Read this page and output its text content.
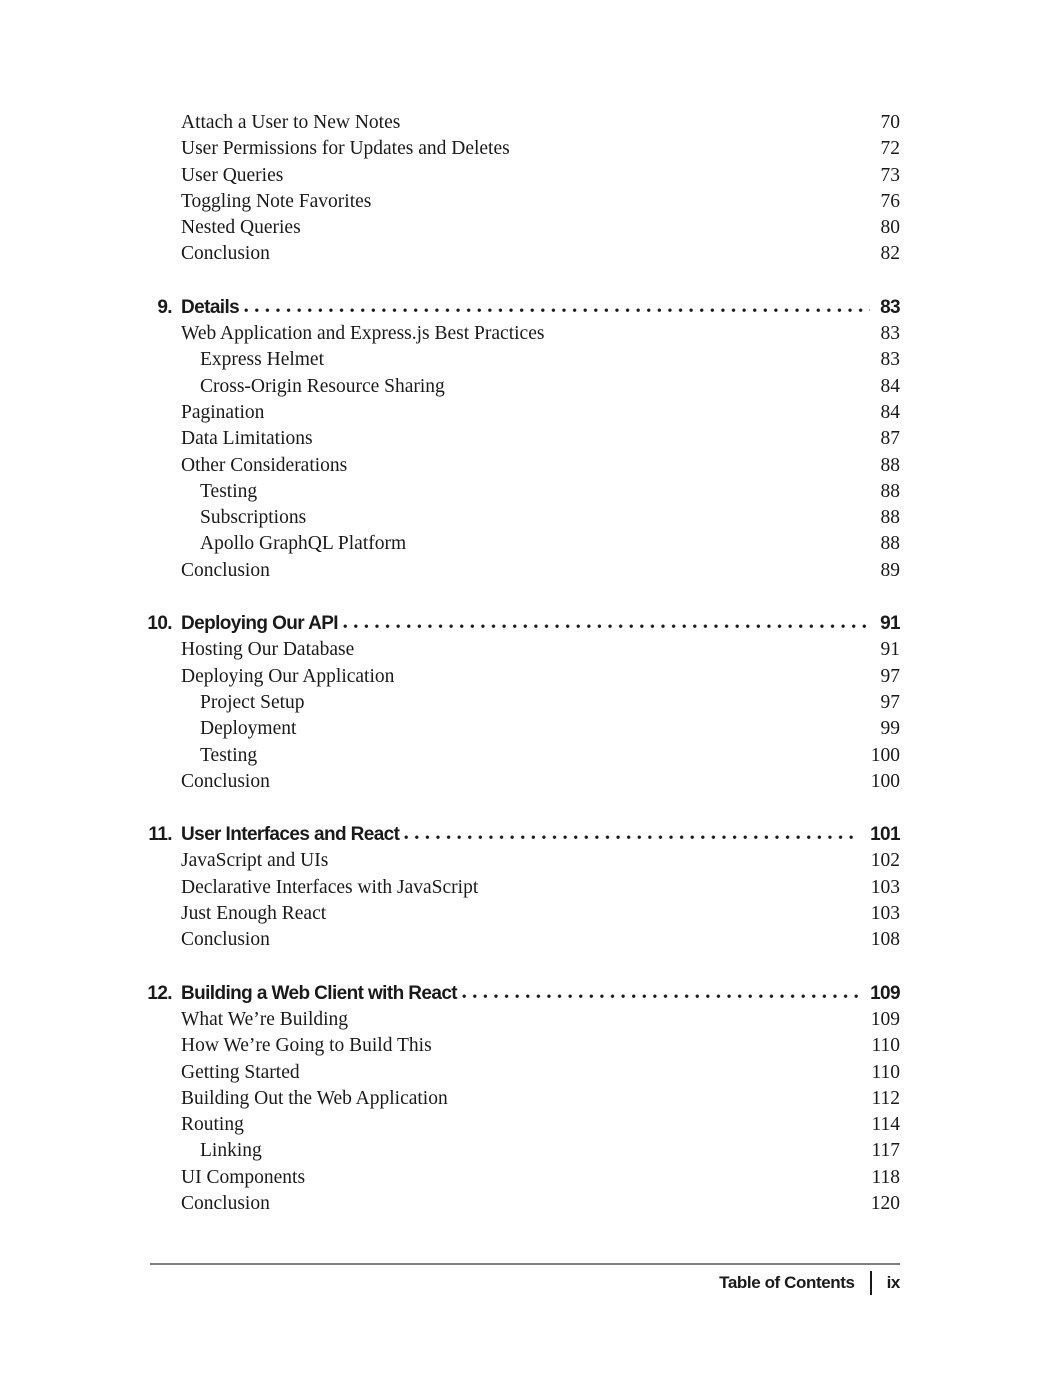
Attach a User to New Notes	70
User Permissions for Updates and Deletes	72
User Queries	73
Toggling Note Favorites	76
Nested Queries	80
Conclusion	82
9. Details	83
Web Application and Express.js Best Practices	83
Express Helmet	83
Cross-Origin Resource Sharing	84
Pagination	84
Data Limitations	87
Other Considerations	88
Testing	88
Subscriptions	88
Apollo GraphQL Platform	88
Conclusion	89
10. Deploying Our API	91
Hosting Our Database	91
Deploying Our Application	97
Project Setup	97
Deployment	99
Testing	100
Conclusion	100
11. User Interfaces and React	101
JavaScript and UIs	102
Declarative Interfaces with JavaScript	103
Just Enough React	103
Conclusion	108
12. Building a Web Client with React	109
What We’re Building	109
How We’re Going to Build This	110
Getting Started	110
Building Out the Web Application	112
Routing	114
Linking	117
UI Components	118
Conclusion	120
Table of Contents ix
